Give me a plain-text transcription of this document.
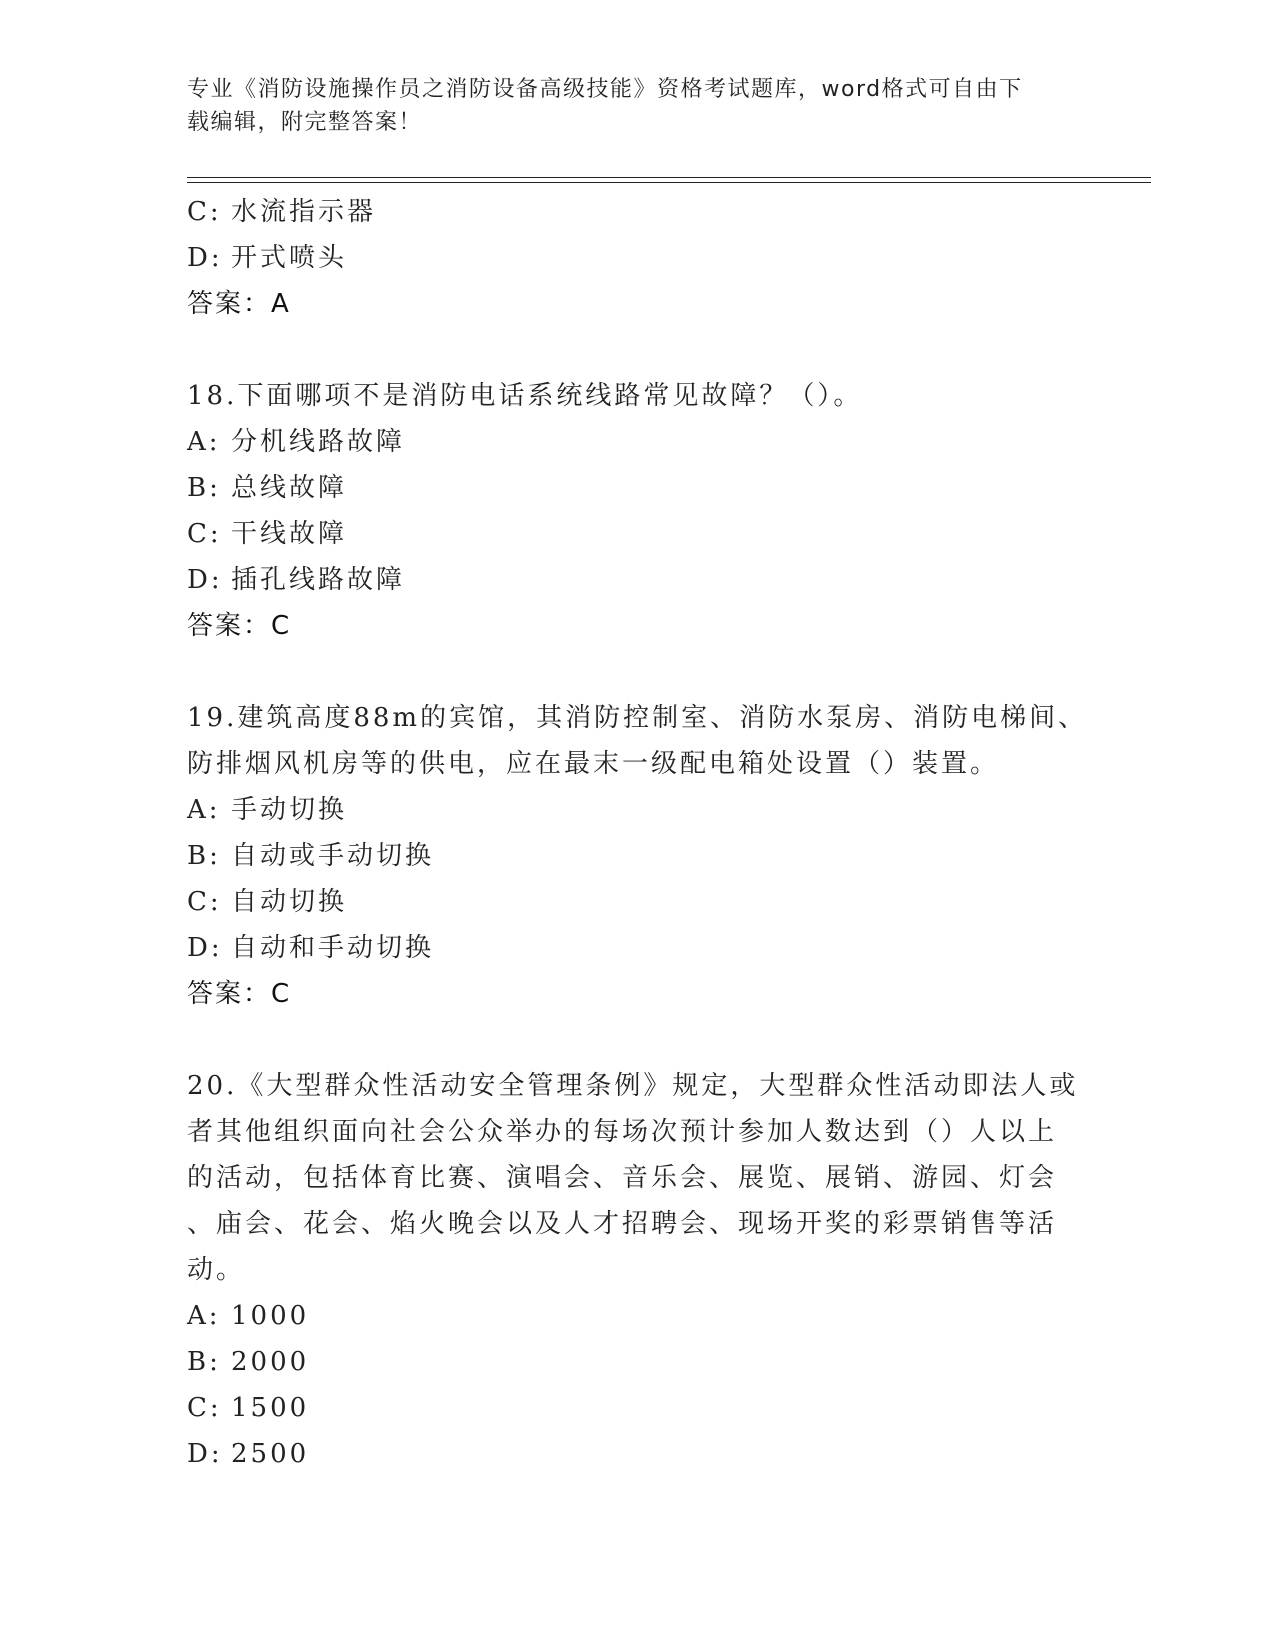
专业《消防设施操作员之消防设备高级技能》资格考试题库，word格式可自由下
载编辑，附完整答案！
C: 水流指示器
D: 开式喷头
答案：A
18.下面哪项不是消防电话系统线路常见故障？（）。
A: 分机线路故障
B: 总线故障
C: 干线故障
D: 插孔线路故障
答案：C
19.建筑高度88m的宾馆，其消防控制室、消防水泵房、消防电梯间、
防排烟风机房等的供电，应在最末一级配电箱处设置（）装置。
A: 手动切换
B: 自动或手动切换
C: 自动切换
D: 自动和手动切换
答案：C
20.《大型群众性活动安全管理条例》规定，大型群众性活动即法人或
者其他组织面向社会公众举办的每场次预计参加人数达到（）人以上
的活动，包括体育比赛、演唱会、音乐会、展览、展销、游园、灯会
、庙会、花会、焰火晚会以及人才招聘会、现场开奖的彩票销售等活
动。
A: 1000
B: 2000
C: 1500
D: 2500
